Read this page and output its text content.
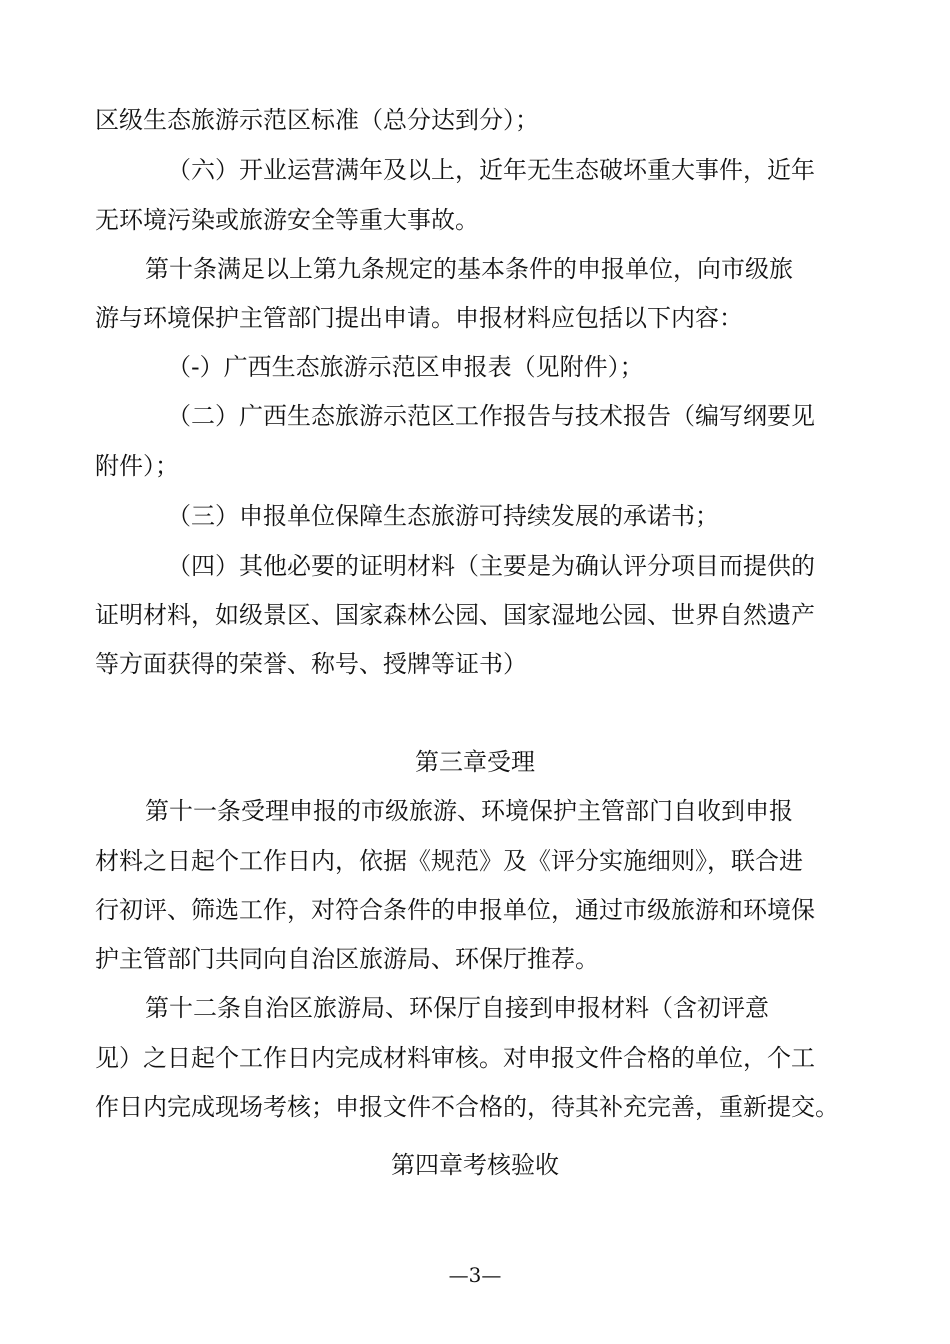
区级生态旅游示范区标准（总分达到分）；
（六）开业运营满年及以上，近年无生态破坏重大事件，近年
无环境污染或旅游安全等重大事故。
第十条满足以上第九条规定的基本条件的申报单位，向市级旅
游与环境保护主管部门提出申请。申报材料应包括以下内容：
（-）广西生态旅游示范区申报表（见附件）；
（二）广西生态旅游示范区工作报告与技术报告（编写纲要见
附件）；
（三）申报单位保障生态旅游可持续发展的承诺书；
（四）其他必要的证明材料（主要是为确认评分项目而提供的
证明材料，如级景区、国家森林公园、国家湿地公园、世界自然遗产
等方面获得的荣誉、称号、授牌等证书）
第三章受理
第十一条受理申报的市级旅游、环境保护主管部门自收到申报
材料之日起个工作日内，依据《规范》及《评分实施细则》，联合进
行初评、筛选工作，对符合条件的申报单位，通过市级旅游和环境保
护主管部门共同向自治区旅游局、环保厅推荐。
第十二条自治区旅游局、环保厅自接到申报材料（含初评意
见）之日起个工作日内完成材料审核。对申报文件合格的单位，个工
作日内完成现场考核；申报文件不合格的，待其补充完善，重新提交。
第四章考核验收
—3—
